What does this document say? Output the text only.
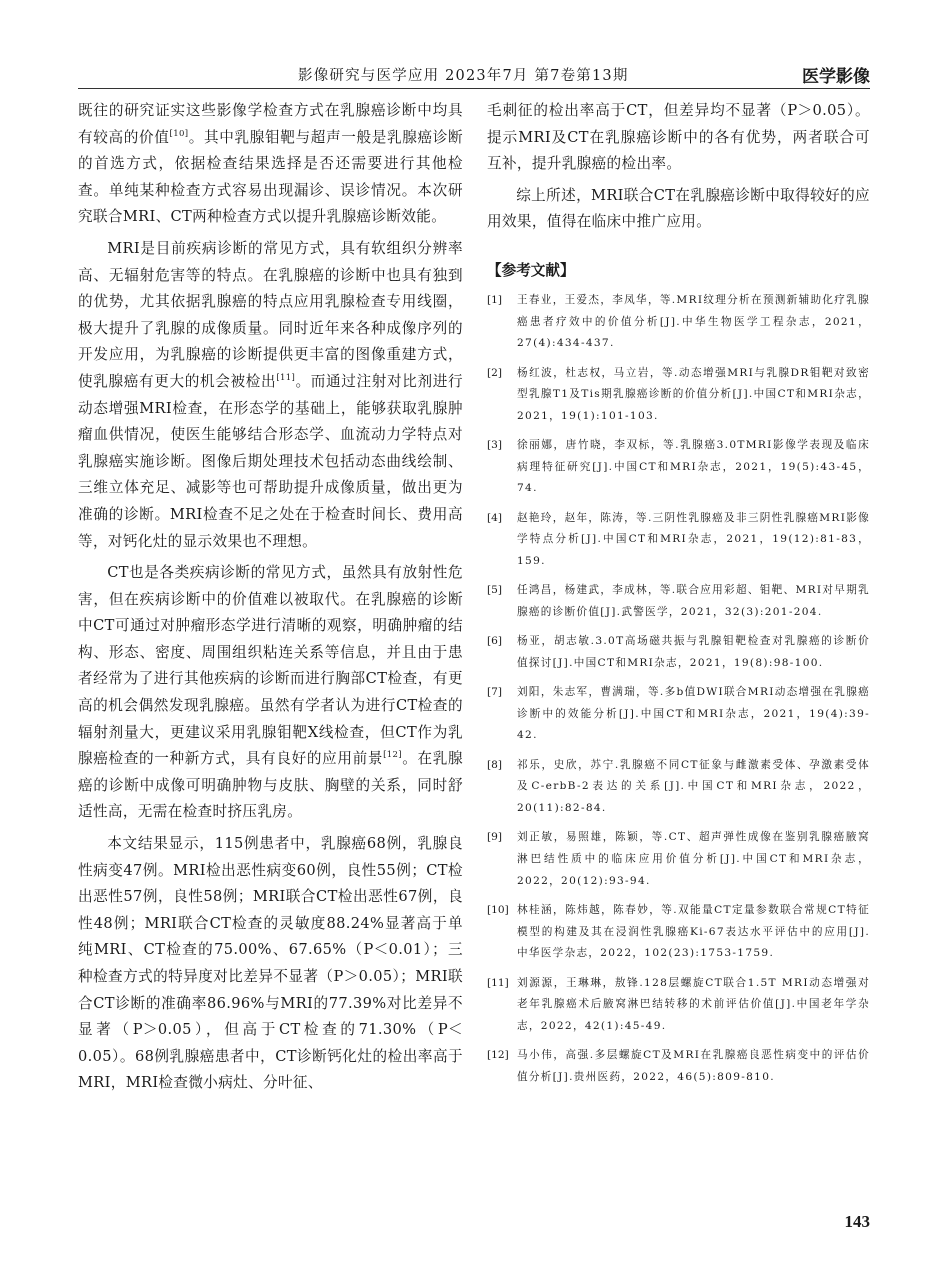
影像研究与医学应用 2023年7月 第7卷第13期	医学影像

既往的研究证实这些影像学检查方式在乳腺癌诊断中均具有较高的价值[10]。其中乳腺钼靶与超声一般是乳腺癌诊断的首选方式，依据检查结果选择是否还需要进行其他检查。单纯某种检查方式容易出现漏诊、误诊情况。本次研究联合MRI、CT两种检查方式以提升乳腺癌诊断效能。

MRI是目前疾病诊断的常见方式，具有软组织分辨率高、无辐射危害等的特点。在乳腺癌的诊断中也具有独到的优势，尤其依据乳腺癌的特点应用乳腺检查专用线圈，极大提升了乳腺的成像质量。同时近年来各种成像序列的开发应用，为乳腺癌的诊断提供更丰富的图像重建方式，使乳腺癌有更大的机会被检出[11]。而通过注射对比剂进行动态增强MRI检查，在形态学的基础上，能够获取乳腺肿瘤血供情况，使医生能够结合形态学、血流动力学特点对乳腺癌实施诊断。图像后期处理技术包括动态曲线绘制、三维立体充足、减影等也可帮助提升成像质量，做出更为准确的诊断。MRI检查不足之处在于检查时间长、费用高等，对钙化灶的显示效果也不理想。

CT也是各类疾病诊断的常见方式，虽然具有放射性危害，但在疾病诊断中的价值难以被取代。在乳腺癌的诊断中CT可通过对肿瘤形态学进行清晰的观察，明确肿瘤的结构、形态、密度、周围组织粘连关系等信息，并且由于患者经常为了进行其他疾病的诊断而进行胸部CT检查，有更高的机会偶然发现乳腺癌。虽然有学者认为进行CT检查的辐射剂量大，更建议采用乳腺钼靶X线检查，但CT作为乳腺癌检查的一种新方式，具有良好的应用前景[12]。在乳腺癌的诊断中成像可明确肿物与皮肤、胸壁的关系，同时舒适性高，无需在检查时挤压乳房。

本文结果显示，115例患者中，乳腺癌68例，乳腺良性病变47例。MRI检出恶性病变60例，良性55例；CT检出恶性57例，良性58例；MRI联合CT检出恶性67例，良性48例；MRI联合CT检查的灵敏度88.24%显著高于单纯MRI、CT检查的75.00%、67.65%（P＜0.01）；三种检查方式的特异度对比差异不显著（P＞0.05）；MRI联合CT诊断的准确率86.96%与MRI的77.39%对比差异不显著（P＞0.05），但高于CT检查的71.30%（P＜0.05）。68例乳腺癌患者中，CT诊断钙化灶的检出率高于MRI，MRI检查微小病灶、分叶征、

毛刺征的检出率高于CT，但差异均不显著（P＞0.05）。提示MRI及CT在乳腺癌诊断中的各有优势，两者联合可互补，提升乳腺癌的检出率。

综上所述，MRI联合CT在乳腺癌诊断中取得较好的应用效果，值得在临床中推广应用。

【参考文献】
[1]	王春业，王爱杰，李凤华，等.MRI纹理分析在预测新辅助化疗乳腺癌患者疗效中的价值分析[J].中华生物医学工程杂志，2021，27(4):434-437.
[2]	杨红波，杜志权，马立岩，等.动态增强MRI与乳腺DR钼靶对致密型乳腺T1及Tis期乳腺癌诊断的价值分析[J].中国CT和MRI杂志，2021，19(1):101-103.
[3]	徐丽娜，唐竹晓，李双标，等.乳腺癌3.0TMRI影像学表现及临床病理特征研究[J].中国CT和MRI杂志，2021，19(5):43-45，74.
[4]	赵艳玲，赵年，陈涛，等.三阴性乳腺癌及非三阴性乳腺癌MRI影像学特点分析[J].中国CT和MRI杂志，2021，19(12):81-83，159.
[5]	任鸿昌，杨建武，李成林，等.联合应用彩超、钼靶、MRI对早期乳腺癌的诊断价值[J].武警医学，2021，32(3):201-204.
[6]	杨亚，胡志敏.3.0T高场磁共振与乳腺钼靶检查对乳腺癌的诊断价值探讨[J].中国CT和MRI杂志，2021，19(8):98-100.
[7]	刘阳，朱志军，曹满瑞，等.多b值DWI联合MRI动态增强在乳腺癌诊断中的效能分析[J].中国CT和MRI杂志，2021，19(4):39-42.
[8]	祁乐，史欣，苏宁.乳腺癌不同CT征象与雌激素受体、孕激素受体及C-erbB-2表达的关系[J].中国CT和MRI杂志，2022，20(11):82-84.
[9]	刘正敏，易照雄，陈颖，等.CT、超声弹性成像在鉴别乳腺癌腋窝淋巴结性质中的临床应用价值分析[J].中国CT和MRI杂志，2022，20(12):93-94.
[10] 林桂涵，陈炜越，陈春妙，等.双能量CT定量参数联合常规CT特征模型的构建及其在浸润性乳腺癌Ki-67表达水平评估中的应用[J].中华医学杂志，2022，102(23):1753-1759.
[11] 刘源源，王琳琳，敖锋.128层螺旋CT联合1.5T MRI动态增强对老年乳腺癌术后腋窝淋巴结转移的术前评估价值[J].中国老年学杂志，2022，42(1):45-49.
[12] 马小伟，高强.多层螺旋CT及MRI在乳腺癌良恶性病变中的评估价值分析[J].贵州医药，2022，46(5):809-810.
143
